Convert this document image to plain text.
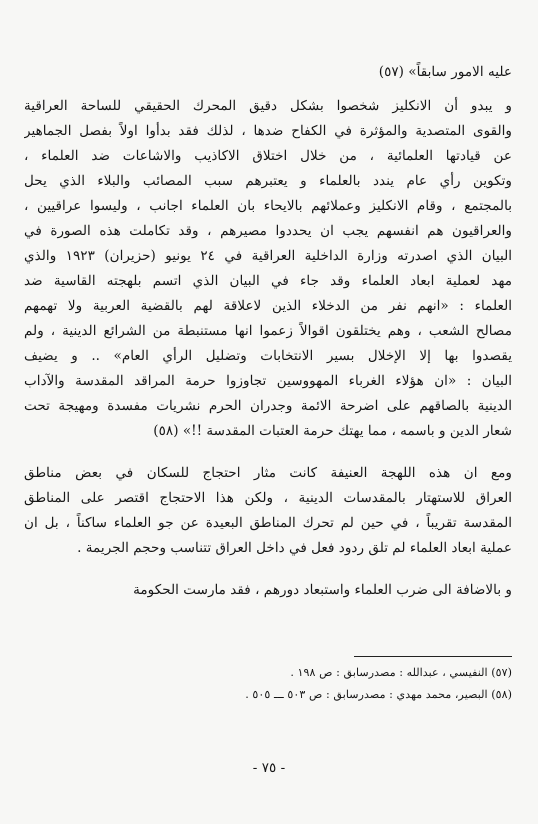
عليه الامور سابقاً» (٥٧)
و يبدو أن الانكليز شخصوا بشكل دقيق المحرك الحقيقي للساحة العراقية
والقوى المتصدية والمؤثرة في الكفاح ضدها ، لذلك فقد بدأوا اولاً بفصل الجماهير
عن قيادتها العلمائية ، من خلال اختلاق الاكاذيب والاشاعات ضد العلماء ،
وتكوين رأي عام يندد بالعلماء و يعتبرهم سبب المصائب والبلاء الذي يحل
بالمجتمع ، وقام الانكليز وعملائهم بالايحاء بان العلماء اجانب ، وليسوا عراقيين ،
والعراقيون هم انفسهم يجب ان يحددوا مصيرهم ، وقد تكاملت هذه الصورة في
البيان الذي اصدرته وزارة الداخلية العراقية في ٢٤ يونيو (حزيران) ١٩٢٣ والذي
مهد لعملية ابعاد العلماء وقد جاء في البيان الذي اتسم بلهجته القاسية ضد
العلماء : «انهم نفر من الدخلاء الذين لاعلاقة لهم بالقضية العربية ولا تهمهم
مصالح الشعب ، وهم يختلقون اقوالاً زعموا انها مستنبطة من الشرائع الدينية ، ولم
يقصدوا بها إلا الإخلال بسير الانتخابات وتضليل الرأي العام» .. و يضيف
البيان : «ان هؤلاء الغرباء المهووسين تجاوزوا حرمة المراقد المقدسة والآداب
الدينية بالصاقهم على اضرحة الائمة وجدران الحرم نشريات مفسدة ومهيجة تحت
شعار الدين و باسمه ، مما يهتك حرمة العتبات المقدسة !!» (٥٨)
ومع ان هذه اللهجة العنيفة كانت مثار احتجاج للسكان في بعض مناطق
العراق للاستهتار بالمقدسات الدينية ، ولكن هذا الاحتجاج اقتصر على المناطق
المقدسة تقريباً ، في حين لم تحرك المناطق البعيدة عن جو العلماء ساكناً ، بل ان
عملية ابعاد العلماء لم تلق ردود فعل في داخل العراق تتناسب وحجم الجريمة .
و بالاضافة الى ضرب العلماء واستبعاد دورهم ، فقد مارست الحكومة
(٥٧) النفيسي ، عبدالله : مصدرسابق : ص ١٩٨ .
(٥٨) البصير، محمد مهدي : مصدرسابق : ص ٥٠٣ ـــ ٥٠٥ .
- ٧٥ -
